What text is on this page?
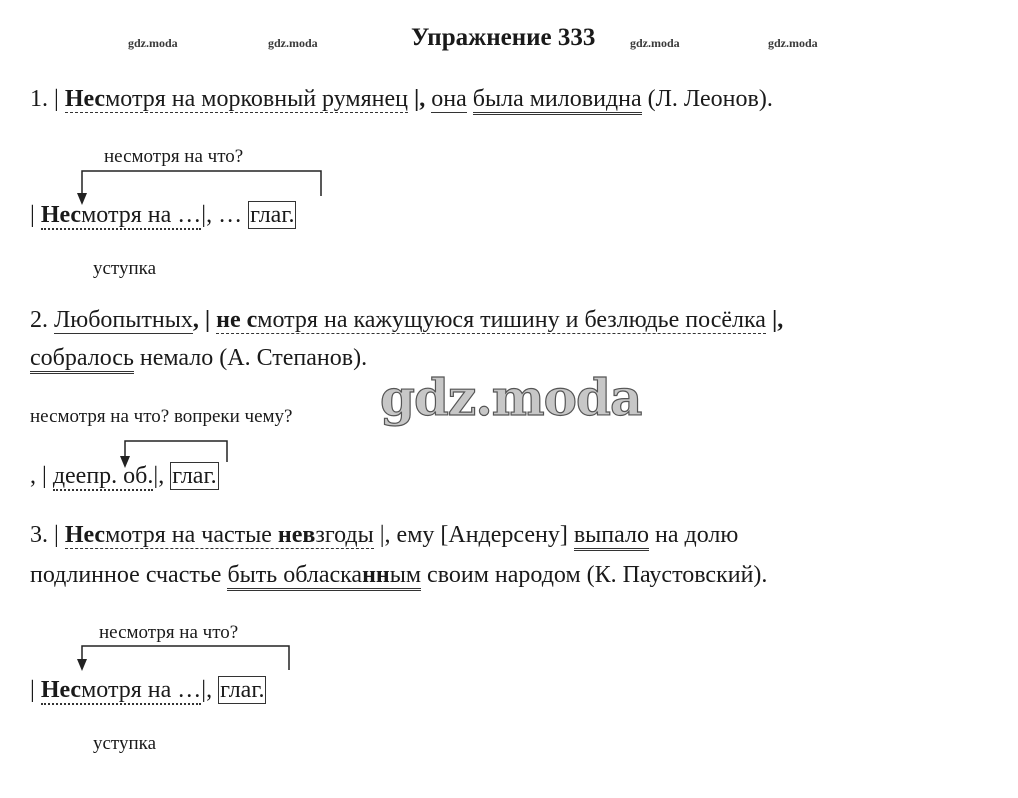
gdz.moda	gdz.moda	Упражнение 333	gdz.moda	gdz.moda
1. | Несмотря на морковный румянец |, она была миловидна (Л. Леонов).
несмотря на что?
| Несмотря на …|, … глаг.
уступка
2. Любопытных, | не смотря на кажущуюся тишину и безлюдье посёлка |,
собралось немало (А. Степанов).
несмотря на что? вопреки чему? gdz.moda
, | деепр. об.|, глаг.
3. | Несмотря на частые невзгоды |, ему [Андерсену] выпало на долю
подлинное счастье быть обласканным своим народом (К. Паустовский).
несмотря на что?
| Несмотря на …|, глаг.
уступка
